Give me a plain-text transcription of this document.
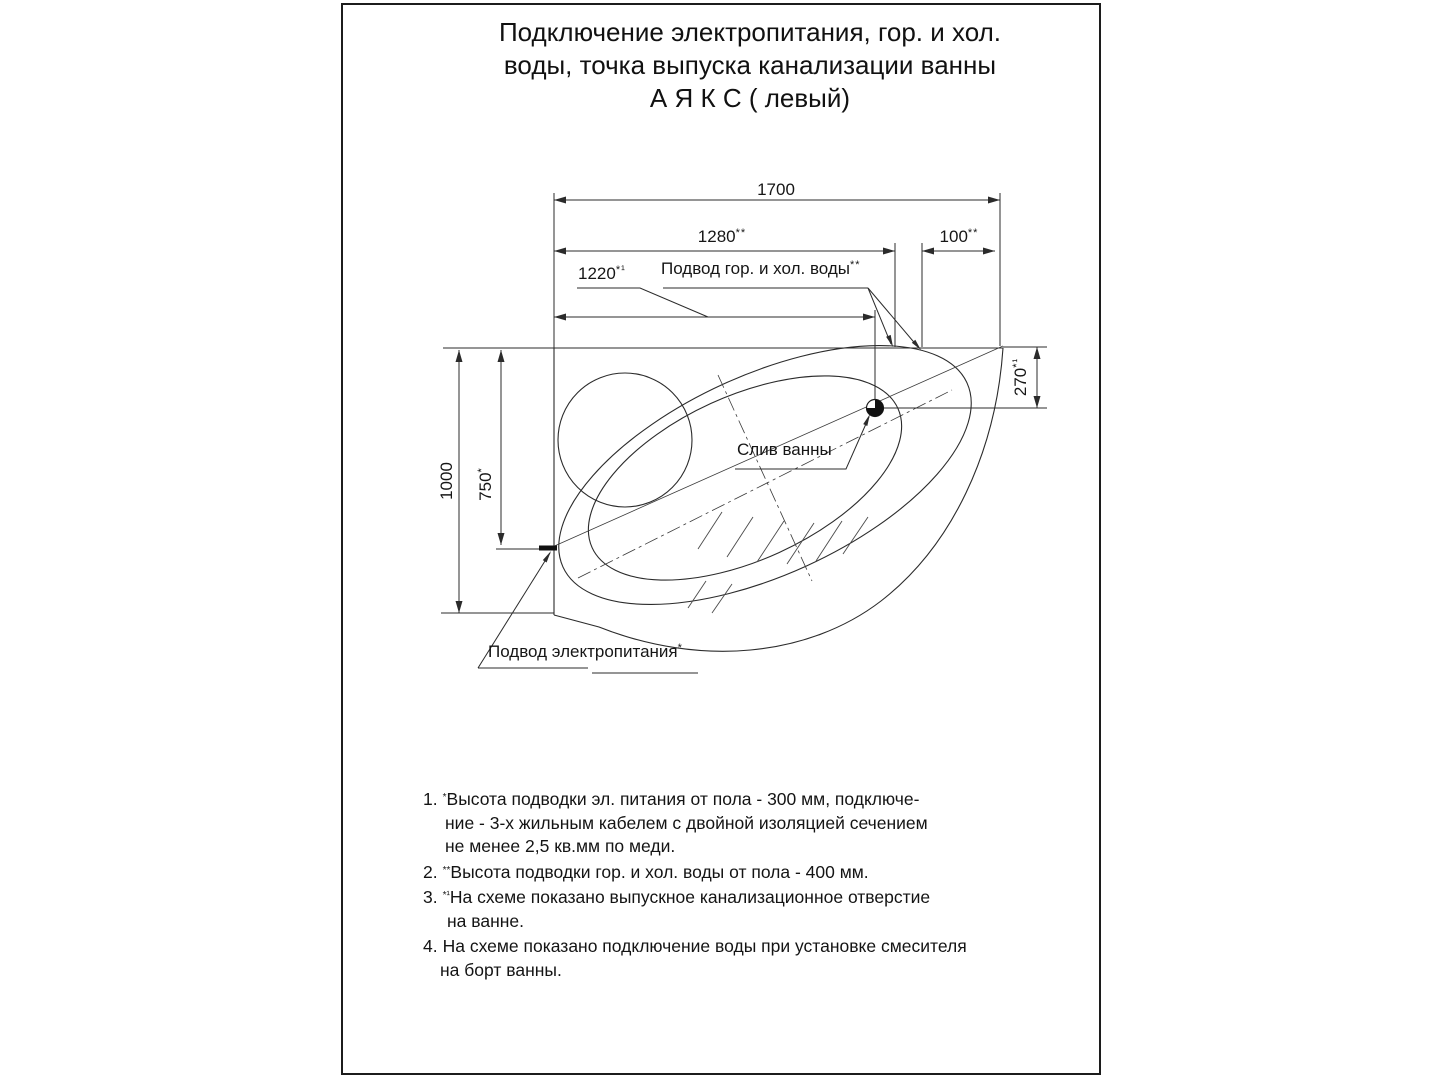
Подключение электропитания, гор. и хол.
воды, точка выпуска канализации ванны
А Я К С ( левый)
1700
1280**	100**
$1220^{*^1}$
1000 750*
$270^{*^1}$
Подвод гор. и хол. воды**
Слив ванны
Подвод электропитания*
1. *Высота подводки эл. питания от пола - 300 мм, подключе-
ние - 3-х жильным кабелем с двойной изоляцией сечением
не менее 2,5 кв.мм по меди.
2. **Высота подводки гор. и хол. воды от пола - 400 мм.
3. $^{*^1}$На схеме показано выпускное канализационное отверстие
на ванне.
4. На схеме показано подключение воды при установке смесителя
на борт ванны.
